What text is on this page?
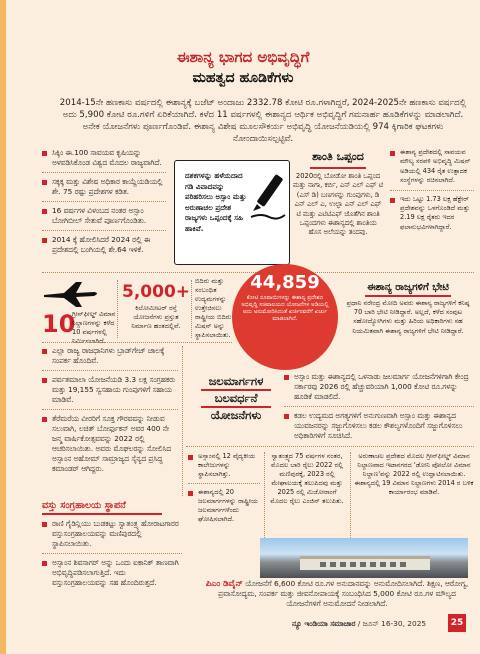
ಈಶಾನ್ಯ ಭಾಗದ ಅಭಿವೃದ್ಧಿಗೆ
ಮಹತ್ವದ ಹೂಡಿಕೆಗಳು
2014-15ನೇ ಹಣಕಾಸು ವರ್ಷದಲ್ಲಿ ಈಶಾನ್ಯಕ್ಕೆ ಬಜೆಟ್ ಅಂದಾಜು 2332.78 ಕೋಟಿ ರೂ.ಗಳಾಗಿದ್ದರೆ, 2024-2025ನೇ ಹಣಕಾಸು ವರ್ಷದಲ್ಲಿ ಅದು 5,900 ಕೋಟಿ ರೂ.ಗಳಿಗೆ ಏರಿಕೆಯಾಗಿದೆ. ಕಳೆದ 11 ವರ್ಷಗಳಲ್ಲಿ ಈಶಾನ್ಯದ ಆರ್ಥಿಕ ಅಭಿವೃದ್ಧಿಗೆ ಗಮನಾರ್ಹ ಹೂಡಿಕೆಗಳನ್ನು ಮಾಡಲಾಗಿದೆ. ಅನೇಕ ಯೋಜನೆಗಳು ಪೂರ್ಣಗೊಂಡಿವೆ. ಈಶಾನ್ಯ ವಿಶೇಷ ಮೂಲಸೌಕರ್ಯ ಅಭಿವೃದ್ಧಿ ಯೋಜನೆಯಡಿಯಲ್ಲಿ 974 ಕ್ಕಿಗಾರಿಕ ಘಟಕಗಳು ನೋಂದಾಯಿಸಲ್ಪಟ್ಟಿವೆ.
ಸಿಕ್ಕಿಂ ಈ.100 ಸಾವಯವ ಕೃಷಿಯನ್ನು ಅಳವಡಿಸಿಕೊಂಡ ವಿಶ್ವದ ಮೊದಲ ರಾಜ್ಯವಾಗಿದೆ.
ಸಕ್ಕಕ್ಕ ಮತ್ತು ವಿಶೇಷ ಅಧಿಕಾರ ಕಾಯ್ದೆಯಡಿಯಲ್ಲಿ ಶೇ. 75 ರಷ್ಟು ಪ್ರದೇಶಗಳ ಕಡಿತ.
16 ವರ್ಷಗಳ ವಿಳಂಬದ ನಂತರ ಅಸ್ಸಾಂ ಬೋಗಿಬೀಲ್ ಸೇತುವೆ ಪೂರ್ಣಗೊಂಡಿತು.
2014 ಕ್ಕೆ ಹೋಲಿಸಿದರೆ 2024 ರಲ್ಲಿ ಈ ಪ್ರದೇಶದಲ್ಲಿ ಬಂಗಿಯಲ್ಲಿ ಶೇ.64 ಇಳಿಕೆ.

ದಶಕಗಳನ್ನು ಹಳೆಯದಾದ ಗಡಿ ವಿವಾದವನ್ನು ಪರಿಹರಿಸಲು ಅಸ್ಸಾಂ ಮತ್ತು ಅರುಣಾಚಲ ಪ್ರದೇಶ ರಾಜ್ಯಗಳು ಒಪ್ಪಂದಕ್ಕೆ ಸಹಿ ಹಾಕಿವೆ.

ಶಾಂತಿ ಒಪ್ಪಂದ
2020ರಲ್ಲಿ ಬೋಡೋ ಶಾಂತಿ ಒಪ್ಪಂದ ಮತ್ತು ನಾಗಾ, ಕರ್ಬಿ, ಎನ್ ಎಲ್ ಎಫ್ ಟಿ (ಎಸ್ ಡಿ) ಬಣಗಳನ್ನು ಗುಂಪುಗಳು, ಡಿ ಎನ್ ಎಲ್ ಎ, ಉಲ್ಫಾ ಎನ್ ಎಲ್ ಎಫ್ ಟಿ ಮತ್ತು ಎಟಿಟಿಎಫ್ ಜೊತೆಗಿನ ಶಾಂತಿ ಒಪ್ಪಂದಗಳು ಈಶಾನ್ಯದಲ್ಲಿ ಶಾಂತಿಯ ಹೊಸ ಅಲೆಯನ್ನು ತಂದವು.
ಈಶಾನ್ಯ ಪ್ರದೇಶದಲ್ಲಿ ಸಾವಯವ ಮೌಲ್ಯ ಸರಪಳಿ ಅಭಿವೃದ್ಧಿ ಮಿಷನ್ ಅಡಿಯಲ್ಲಿ 434 ರೈತ ಉತ್ಪಾದಕ ಸಂಸ್ಥೆಗಳನ್ನು ರಚಿಸಲಾಗಿದೆ.
ಇದು ಒಟ್ಟು 1.73 ಲಕ್ಷ ಹೆಕ್ಟೇರ್ ಪ್ರದೇಶವನ್ನು ಒಳಗೊಂಡಿದೆ ಮತ್ತು 2.19 ಲಕ್ಷ ರೈತರು ಇದರ ಫಲಾನುಭವಿಗಳಾಗಿದ್ದಾರೆ.
10
ಗ್ರೀನ್‌ಫೀಲ್ಡ್ ವಿಮಾನ ನಿಲ್ದಾಣಗಳನ್ನು ಕಳೆದ 10 ವರ್ಷಗಳಲ್ಲಿ ನಿರ್ಮಿಸಲಾಗಿದೆ.
5,000+
ಕಿಲೋಮೀಟರ್ ರಸ್ತೆ ಯೋಜನೆಗಳು ಪ್ರಸ್ತುತ ನಿರ್ಮಾಣ ಹಂತದಲ್ಲಿವೆ.
ಬಿದಿರು ಮತ್ತು ಸಂಬಂಧಿತ ಉದ್ಯಮಗಳನ್ನು ಉತ್ತೇಜಿಸಲು ರಾಷ್ಟ್ರೀಯ ಬಿದಿರು ಮಿಷನ್ ಅನ್ನು ಸ್ಥಾಪಿಸಲಾಯಿತು.
44,859
ಕೋಟಿ ರೂಪಾಯಿಗಳನ್ನು ಈಶಾನ್ಯ ಪ್ರದೇಶದ ಅಭಿವೃದ್ಧಿ ಸಚಿವಾಲಯದ ಯೋಜನೆಗಳ ಅಡಿಯಲ್ಲಿ ಅದು ಅನುಮೋದಿಸಿದಂತೆ ಖರ್ಚಿನವರೆಗೆ ಖರ್ಚು ಮಾಡಲಾಗಿದೆ.
ಈಶಾನ್ಯ ರಾಜ್ಯಗಳಿಗೆ ಭೇಟಿ
ಪ್ರಧಾನಿ ನರೇಂದ್ರ ಮೋದಿ ಅವರು ಈಶಾನ್ಯ ರಾಜ್ಯಗಳಿಗೆ ಕನಿಷ್ಠ 70 ಬಾರಿ ಭೇಟಿ ನೀಡಿದ್ದಾರೆ. ಅಲ್ಲದೆ, ಕಳೆದ ಸಂಪುಟ ಸಹೋದ್ಯೋಗಿಗಳು ಮತ್ತು ಹಿರಿಯ ಅಧಿಕಾರಿಗಳು ಸಹ ನಿಯಮಿತವಾಗಿ ಈಶಾನ್ಯ ರಾಜ್ಯಗಳಿಗೆ ಭೇಟಿ ನೀಡಿದ್ದಾರೆ.
ಎಲ್ಲಾ ರಾಜ್ಯ ರಾಜಧಾನಿಗಳು ಬ್ರಾಡ್‌ಗೇಜ್ ಜಾಲಕ್ಕೆ ಸಂಪರ್ಕ ಹೊಂದಿವೆ.
ಪರ್ವತಮಾಲಾ ಯೋಜನೆಯಡಿ 3.3 ಲಕ್ಷ ಸಂಗ್ರಹಕರು ಮತ್ತು 19,155 ಸ್ವಸಹಾಯ ಗುಂಪುಗಳಿಗೆ ಸಹಾಯ ಮಾಡಿವೆ.
ತೆರೆಮರೆಯ ವೀರರಿಗೆ ಸೂಕ್ತ ಗೌರವವನ್ನು ನೀಡುವ ಸಲುವಾಗಿ, ಲಚಿತ್ ಬೋರ್ಫುಕನ್ ಅವರ 400 ನೇ ಜನ್ಮ ವಾರ್ಷಿಕೋತ್ಸವವನ್ನು 2022 ರಲ್ಲಿ ಆಚರಿಸಲಾಯಿತು. ಅವರು ಮೊಘಲರನ್ನು ಸೋಲಿಸಿದ ಅಸ್ಸಾಂನ ಅಹೋಮ್ ಸಾಮ್ರಾಜ್ಯದ ಸೈನ್ಯದ ಪ್ರಸಿದ್ಧ ಕಮಾಂಡರ್ ಆಗಿದ್ದರು.
ಜಲಮಾರ್ಗಗಳ
ಬಲವರ್ಧನೆ
ಯೋಜನೆಗಳು
ಅಸ್ಸಾಂ ಮತ್ತು ಈಶಾನ್ಯದಲ್ಲಿ ಒಳನಾಡು ಜಲಮಾರ್ಗ ಯೋಜನೆಗಳಿಗಾಗಿ ಕೇಂದ್ರ ಸರ್ಕಾರವು 2026 ರಲ್ಲಿ ಹೆಚ್ಚುವರಿಯಾಗಿ 1,000 ಕೋಟಿ ರೂ.ಗಳನ್ನು ಹೂಡಿಕೆ ಮಾಡಲಿದೆ.
ಕಡಲ ಉದ್ಯಮದ ಅಗತ್ಯಗಳಿಗೆ ಅನುಗುಣವಾಗಿ ಅಸ್ಸಾಂ ಮತ್ತು ಈಶಾನ್ಯದ ಯುವಜನರನ್ನು ಸಜ್ಜುಗೊಳಿಸಲು ಕಡಲ ಕೌಶಲ್ಯಗಳೊಂದಿಗೆ ಸಜ್ಜುಗೊಳಿಸಲು ಅಧಿಕಾರಿಗಳಿಗೆ ಸೂಚಿಸಿದೆ.
ಅಸ್ಸಾಂನಲ್ಲಿ 12 ವೈದ್ಯಕೀಯ ಕಾಲೇಜುಗಳನ್ನು ಸ್ಥಾಪಿಸಲಾಗಿತ್ತು.
ಈಶಾನ್ಯದಲ್ಲಿ 20 ಜಲಮಾರ್ಗಗಳನ್ನು ರಾಷ್ಟ್ರೀಯ ಜಲಮಾರ್ಗಗಳೆಂದು ಘೋಷಿಸಲಾಗಿದೆ.
ಸ್ವಾತಂತ್ರ್ಯದ 75 ವರ್ಷಗಳ ನಂತರ, ಮೊದಲ ಬಾರಿ ರೈಲು 2022 ರಲ್ಲಿ ಮಣಿಪುರಕ್ಕೆ, 2023 ರಲ್ಲಿ ಮೇಘಾಲಯಕ್ಕೆ ತಲುಪಿದವು ಮತ್ತು 2025 ರಲ್ಲಿ ಮಿಜೋರಾಂಗೆ ಮೊದಲ ರೈಲು ಎಂಜಿನ್ ತಲುಪಿತು.
ಅರುಣಾಚಲ ಪ್ರದೇಶದ ಮೊದಲ ಗ್ರೀನ್‌ಫೀಲ್ಡ್ ವಿಮಾನ ನಿಲ್ದಾಣವಾದ ಇಟಾನಗರದ 'ಡೋನಿ ಪೋಲೋ ವಿಮಾನ ನಿಲ್ದಾಣ'ವನ್ನು 2022 ರಲ್ಲಿ ಉದ್ಘಾಟಿಸಲಾಯಿತು. ಈಶಾನ್ಯದಲ್ಲಿ 19 ವಿಮಾನ ನಿಲ್ದಾಣಗಳು 2014 ರ ಬಳಿಕ ಕಾರ್ಯಾರಂಭ ಮಾಡಿವೆ.
ವಸ್ತು ಸಂಗ್ರಹಾಲಯ ಸ್ಥಾಪನೆ
ರಾಣಿ ಗೈಡಿನ್ಲಿಯು ಬುಡಕಟ್ಟು ಸ್ವಾತಂತ್ರ್ಯ ಹೋರಾಟಗಾರರ ವಸ್ತುಸಂಗ್ರಹಾಲಯವನ್ನು ಮಣಿಪುರದಲ್ಲಿ ಸ್ಥಾಪಿಸಲಾಯಿತು.
ಅಸ್ಸಾಂನ ಶಿವಸಾಗರ್ ಅನ್ನು ಒಂದು ಐಕಾನಿಕ್ ತಾಣವಾಗಿ ಅಭಿವೃದ್ಧಿಪಡಿಸಲಾಗುತ್ತಿದೆ. ಇದು ವಸ್ತುಸಂಗ್ರಹಾಲಯವನ್ನು ಸಹ ಹೊಂದಿರುತ್ತದೆ.	ಪಿಎಂ ಡಿವೈನ್ ಯೋಜನೆಗೆ 6,600 ಕೋಟಿ ರೂ.ಗಳ ಅನುದಾನವನ್ನು ಅನುಮೋದಿಸಲಾಗಿದೆ. ಶಿಕ್ಷಣ, ಆರೋಗ್ಯ, ಪ್ರವಾಸೋದ್ಯಮ, ಸಂಪರ್ಕ ಮತ್ತು ಜೀವನೋಪಾಯಕ್ಕೆ ಸಂಬಂಧಿಸಿದ 5,000 ಕೋಟಿ ರೂ.ಗಳ ಮೌಲ್ಯದ ಯೋಜನೆಗಳಿಗೆ ಅನುಮೋದನೆ ನೀಡಲಾಗಿದೆ.
ನ್ಯೂ ಇಂಡಿಯಾ ಸಮಾಚಾರ / ಜೂನ್ 16-30, 2025	25
